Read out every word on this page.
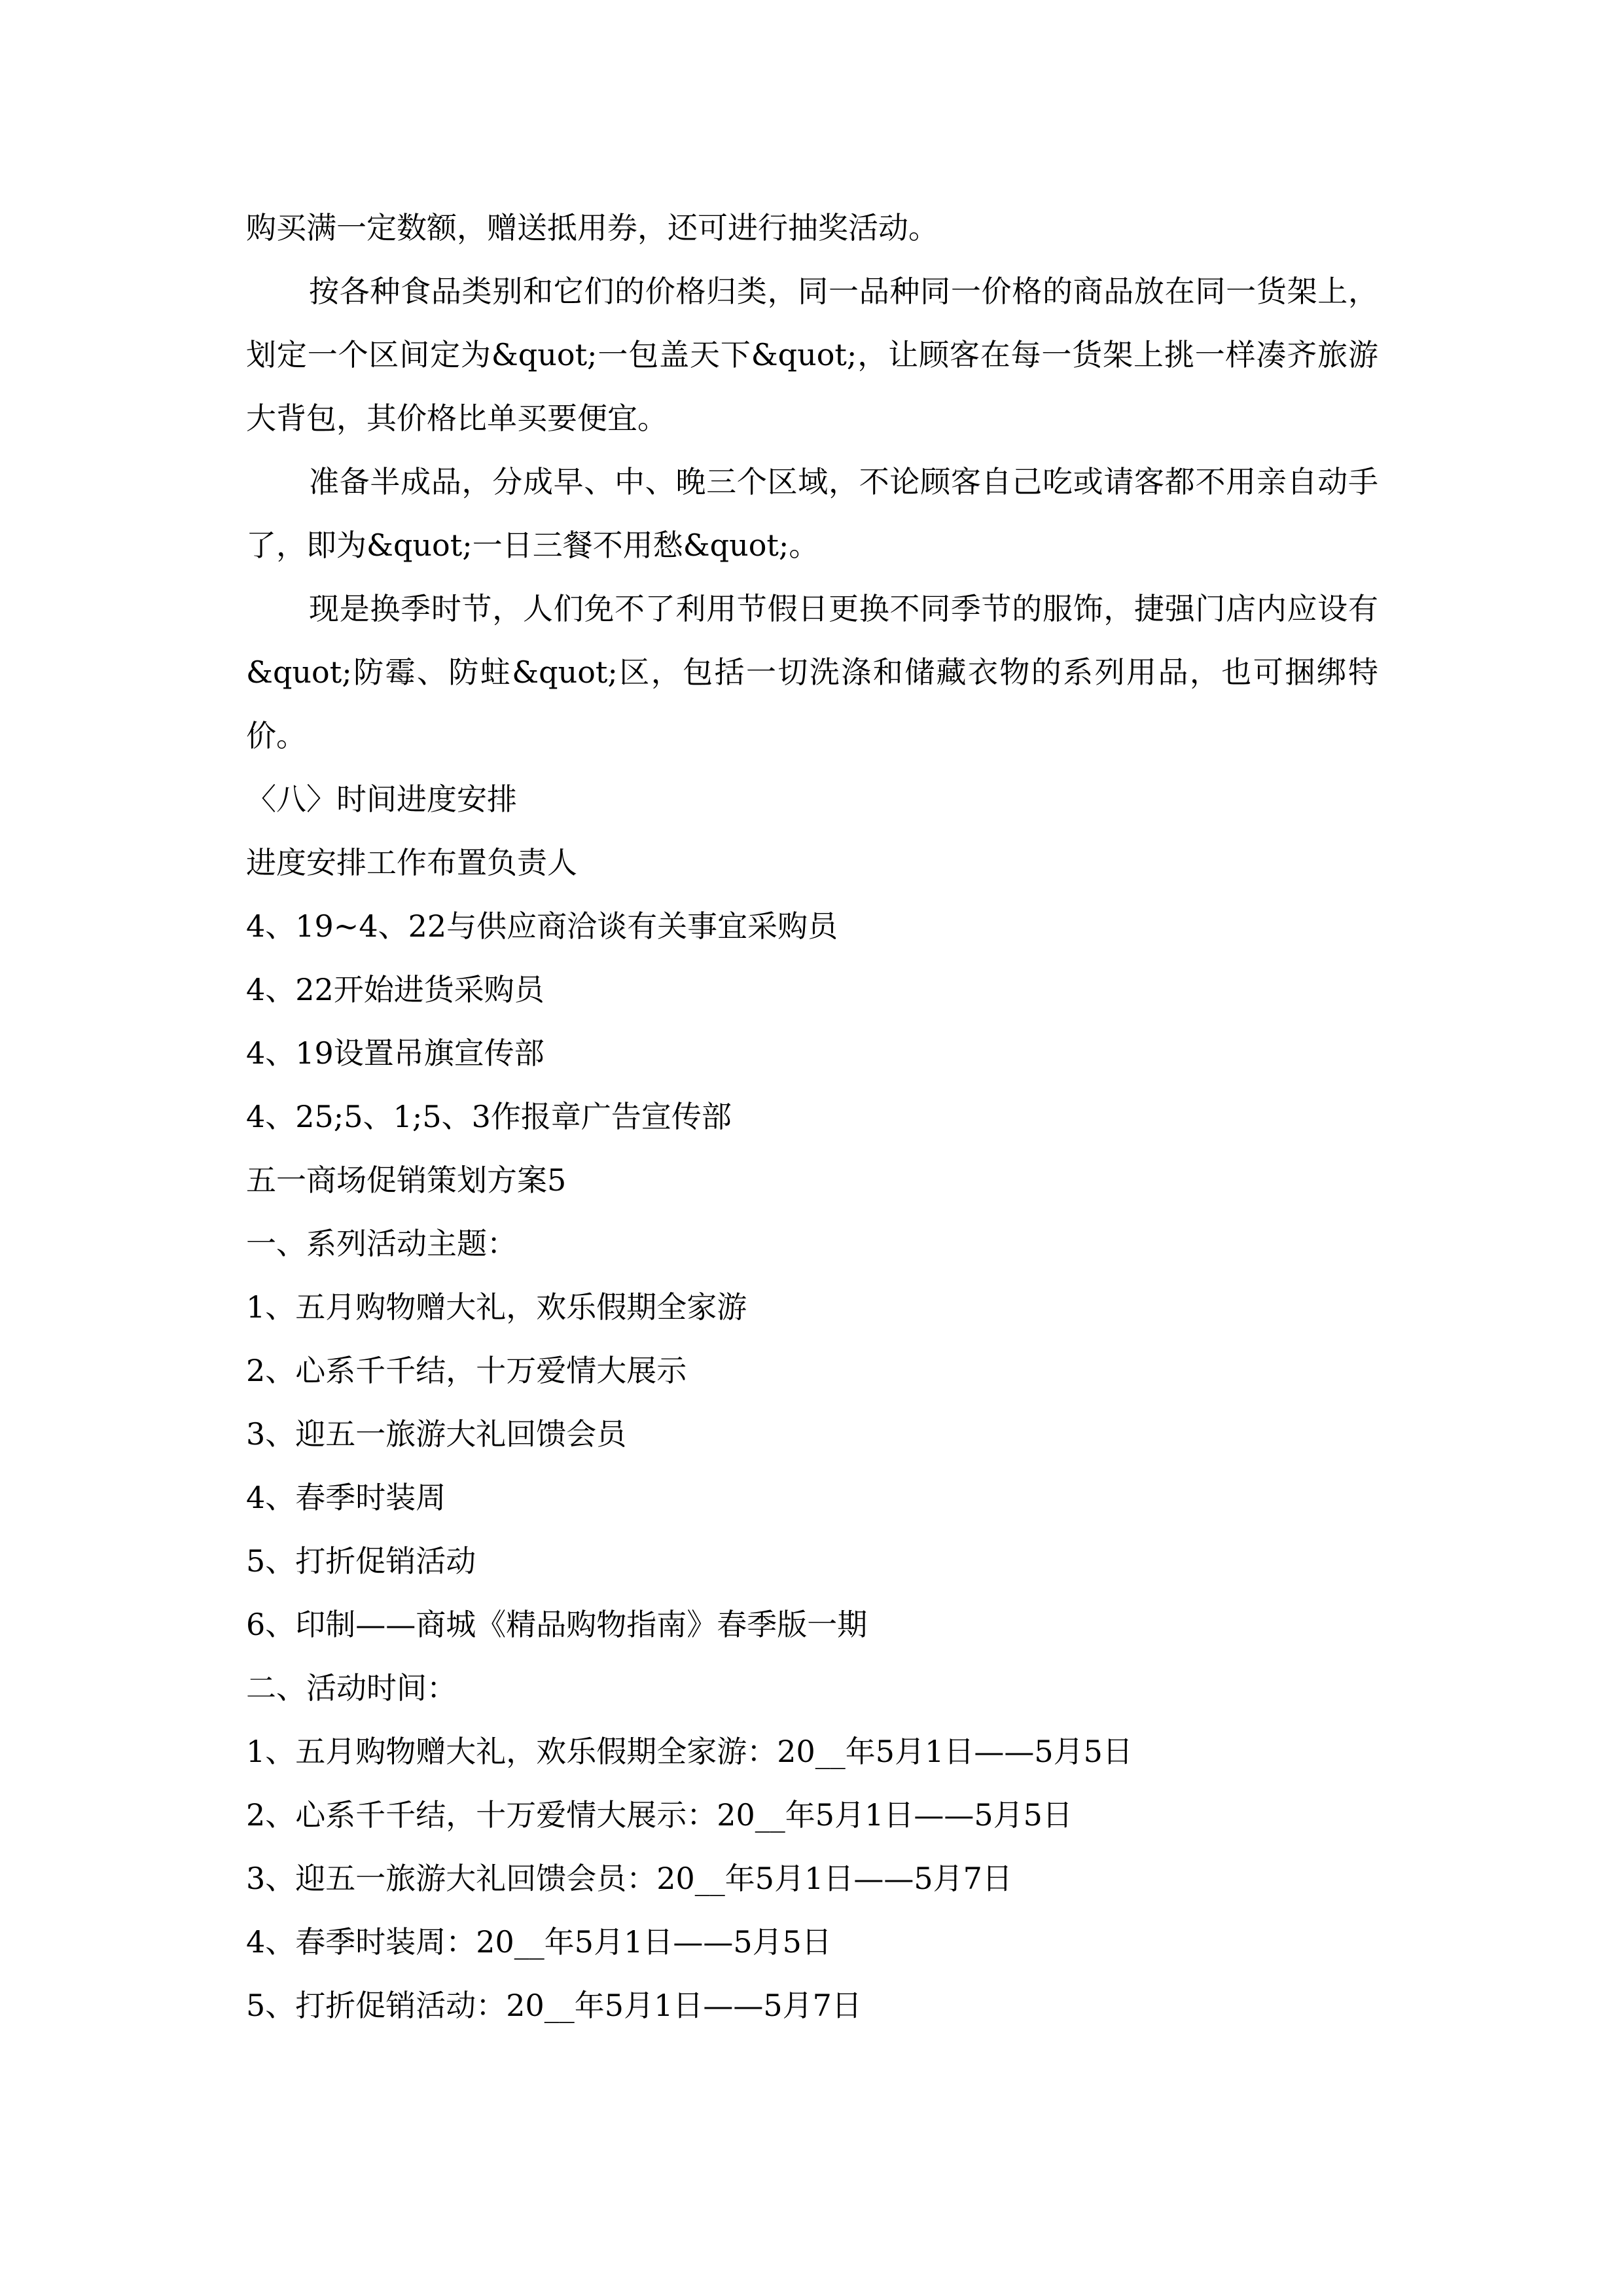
购买满一定数额，赠送抵用券，还可进行抽奖活动。

按各种食品类别和它们的价格归类，同一品种同一价格的商品放在同一货架上，划定一个区间定为&quot;一包盖天下&quot;，让顾客在每一货架上挑一样凑齐旅游大背包，其价格比单买要便宜。

准备半成品，分成早、中、晚三个区域，不论顾客自己吃或请客都不用亲自动手了，即为&quot;一日三餐不用愁&quot;。

现是换季时节，人们免不了利用节假日更换不同季节的服饰，捷强门店内应设有&quot;防霉、防蛀&quot;区，包括一切洗涤和储藏衣物的系列用品，也可捆绑特价。

〈八〉时间进度安排

进度安排工作布置负责人

4、19~4、22与供应商洽谈有关事宜采购员

4、22开始进货采购员

4、19设置吊旗宣传部

4、25;5、1;5、3作报章广告宣传部

五一商场促销策划方案5

一、系列活动主题：

1、五月购物赠大礼，欢乐假期全家游

2、心系千千结，十万爱情大展示

3、迎五一旅游大礼回馈会员

4、春季时装周

5、打折促销活动

6、印制——商城《精品购物指南》春季版一期

二、活动时间：

1、五月购物赠大礼，欢乐假期全家游：20__年5月1日——5月5日

2、心系千千结，十万爱情大展示：20__年5月1日——5月5日

3、迎五一旅游大礼回馈会员：20__年5月1日——5月7日

4、春季时装周：20__年5月1日——5月5日

5、打折促销活动：20__年5月1日——5月7日
